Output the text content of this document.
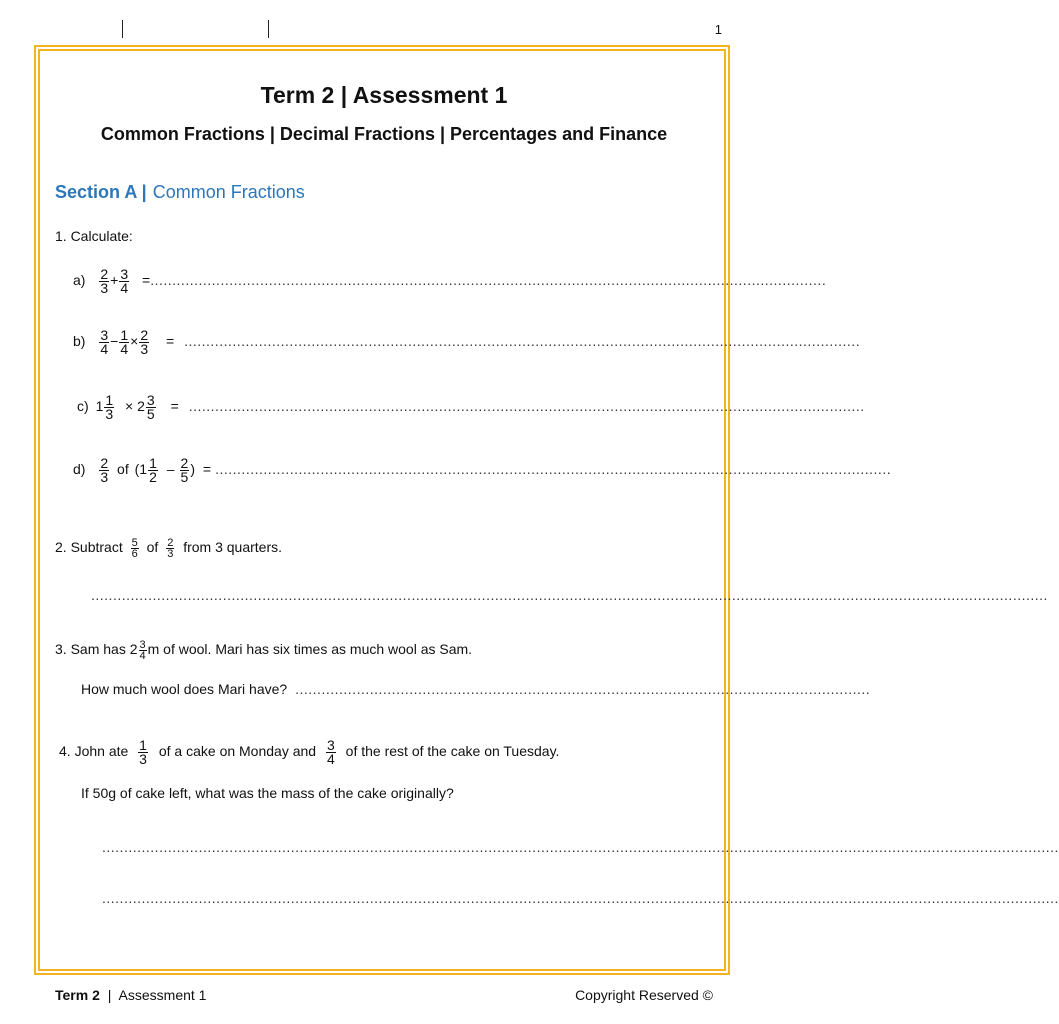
1
Term 2 | Assessment 1
Common Fractions | Decimal Fractions | Percentages and Finance
Section A | Common Fractions
1. Calculate:
$a) \frac{2}{3} + \frac{3}{4}$ =..........................................................................................................................................................
$b) \frac{3}{4} - \frac{1}{4} \times \frac{2}{3}$ = ..........................................................................................................................................................
c) $1 \frac{1}{3} \times 2 \frac{3}{5}$ = ..........................................................................................................................................................
$d) \frac{2}{3}$ of ($1 \frac{1}{2} - \frac{2}{5}$ ) = ..........................................................................................................................................................
2. Subtract $\frac{5}{6}$ of $\frac{2}{3}$ from 3 quarters.
..........................................................................................................................................................................................................................
3. Sam has $2 \frac{3}{4}$ m of wool. Mari has six times as much wool as Sam.
How much wool does Mari have? ...................................................................................................................................
4. John ate $\frac{1}{3}$ of a cake on Monday and $\frac{3}{4}$ of the rest of the cake on Tuesday.
If 50g of cake left, what was the mass of the cake originally?
..........................................................................................................................................................................................................................
..........................................................................................................................................................................................................................
Term 2 | Assessment 1	Copyright Reserved ©
